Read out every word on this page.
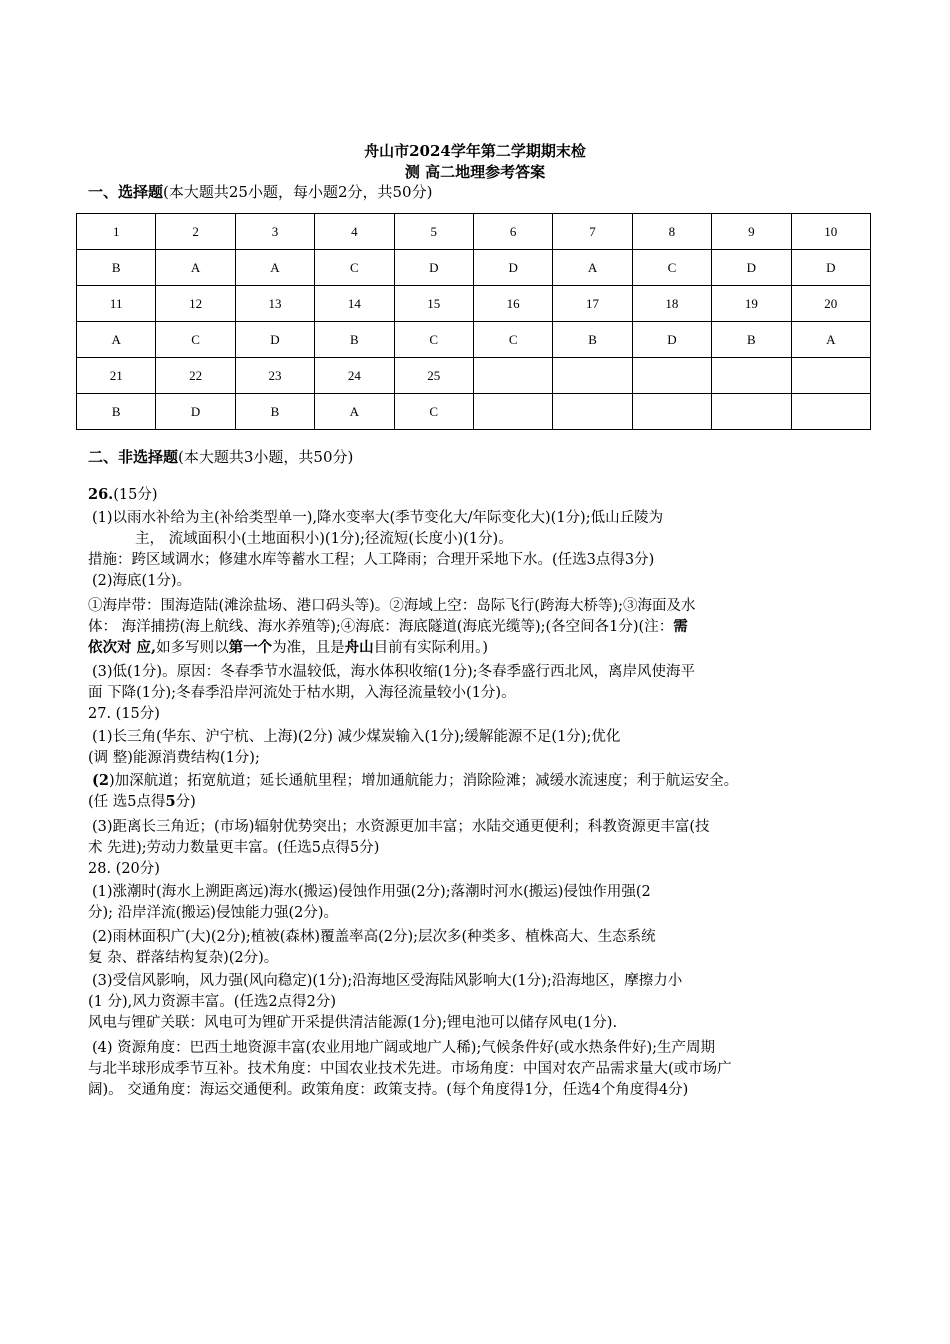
舟山市2024学年第二学期期末检
测 高二地理参考答案
一、选择题(本大题共25小题，每小题2分，共50分)
1	2	3	4	5	6	7	8	9	10
B	A	A	C	D	D	A	C	D	D
11	12	13	14	15	16	17	18	19	20
A	C	D	B	C	C	B	D	B	A
21	22	23	24	25					
B	D	B	A	C					
二、非选择题(本大题共3小题，共50分)
26.(15分)
(1)以雨水补给为主(补给类型单一),降水变率大(季节变化大/年际变化大)(1分);低山丘陵为
主， 流域面积小(土地面积小)(1分);径流短(长度小)(1分)。
措施：跨区域调水；修建水库等蓄水工程；人工降雨；合理开采地下水。(任选3点得3分)
(2)海底(1分)。
①海岸带：围海造陆(滩涂盐场、港口码头等)。②海域上空：岛际飞行(跨海大桥等);③海面及水
体： 海洋捕捞(海上航线、海水养殖等);④海底：海底隧道(海底光缆等);(各空间各1分)(注：需
依次对 应,如多写则以第一个为准，且是舟山目前有实际利用。)
(3)低(1分)。原因：冬春季节水温较低，海水体积收缩(1分);冬春季盛行西北风，离岸风使海平
面 下降(1分);冬春季沿岸河流处于枯水期，入海径流量较小(1分)。
27. (15分)
(1)长三角(华东、沪宁杭、上海)(2分) 减少煤炭输入(1分);缓解能源不足(1分);优化
(调 整)能源消费结构(1分);
(2)加深航道；拓宽航道；延长通航里程；增加通航能力；消除险滩；减缓水流速度；利于航运安全。
(任 选5点得5分)
(3)距离长三角近；(市场)辐射优势突出；水资源更加丰富；水陆交通更便利；科教资源更丰富(技
术 先进);劳动力数量更丰富。(任选5点得5分)
28. (20分)
(1)涨潮时(海水上溯距离远)海水(搬运)侵蚀作用强(2分);落潮时河水(搬运)侵蚀作用强(2
分); 沿岸洋流(搬运)侵蚀能力强(2分)。
(2)雨林面积广(大)(2分);植被(森林)覆盖率高(2分);层次多(种类多、植株高大、生态系统
复 杂、群落结构复杂)(2分)。
(3)受信风影响，风力强(风向稳定)(1分);沿海地区受海陆风影响大(1分);沿海地区，摩擦力小
(1 分),风力资源丰富。(任选2点得2分)
风电与锂矿关联：风电可为锂矿开采提供清洁能源(1分);锂电池可以储存风电(1分).
(4) 资源角度：巴西土地资源丰富(农业用地广阔或地广人稀);气候条件好(或水热条件好);生产周期
与北半球形成季节互补。技术角度：中国农业技术先进。市场角度：中国对农产品需求量大(或市场广
阔)。 交通角度：海运交通便利。政策角度：政策支持。(每个角度得1分，任选4个角度得4分)
